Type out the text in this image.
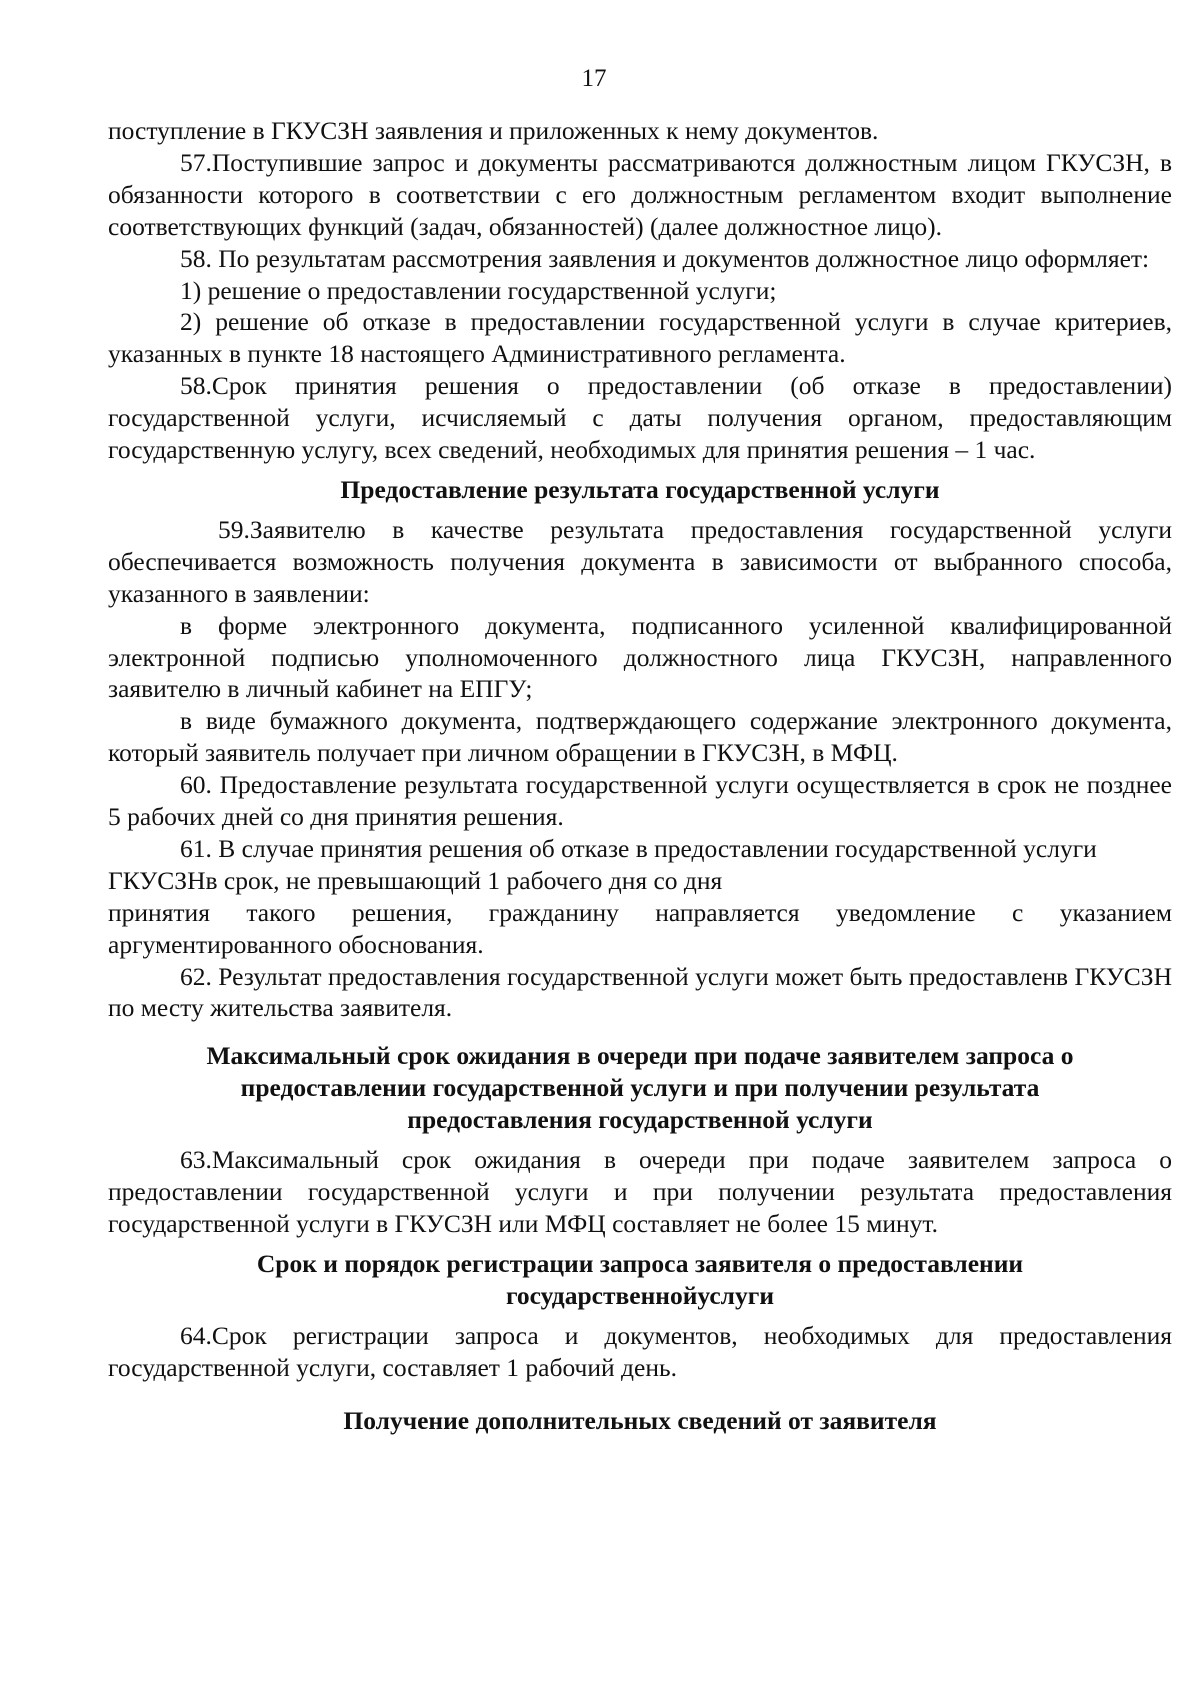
17

поступление в ГКУСЗН заявления и приложенных к нему документов.

57.Поступившие запрос и документы рассматриваются должностным лицом ГКУСЗН, в обязанности которого в соответствии с его должностным регламентом входит выполнение соответствующих функций (задач, обязанностей) (далее должностное лицо).

58. По результатам рассмотрения заявления и документов должностное лицо оформляет:

1) решение о предоставлении государственной услуги;

2) решение об отказе в предоставлении государственной услуги в случае критериев, указанных в пункте 18 настоящего Административного регламента.

58.Срок принятия решения о предоставлении (об отказе в предоставлении) государственной услуги, исчисляемый с даты получения органом, предоставляющим государственную услугу, всех сведений, необходимых для принятия решения – 1 час.

Предоставление результата государственной услуги

59.Заявителю в качестве результата предоставления государственной услуги обеспечивается возможность получения документа в зависимости от выбранного способа, указанного в заявлении:

в форме электронного документа, подписанного усиленной квалифицированной электронной подписью уполномоченного должностного лица ГКУСЗН, направленного заявителю в личный кабинет на ЕПГУ;

в виде бумажного документа, подтверждающего содержание электронного документа, который заявитель получает при личном обращении в ГКУСЗН, в МФЦ.

60. Предоставление результата государственной услуги осуществляется в срок не позднее 5 рабочих дней со дня принятия решения.

61. В случае принятия решения об отказе в предоставлении государственной услуги ГКУСЗНв срок, не превышающий 1 рабочего дня со дня

принятия такого решения, гражданину направляется уведомление с указанием аргументированного обоснования.

62. Результат предоставления государственной услуги может быть предоставленв ГКУСЗН по месту жительства заявителя.

Максимальный срок ожидания в очереди при подаче заявителем запроса о

предоставлении государственной услуги и при получении результата

предоставления государственной услуги

63.Максимальный срок ожидания в очереди при подаче заявителем запроса о предоставлении государственной услуги и при получении результата предоставления государственной услуги в ГКУСЗН или МФЦ составляет не более 15 минут.

Срок и порядок регистрации запроса заявителя о предоставлении

государственнойуслуги

64.Срок регистрации запроса и документов, необходимых для предоставления государственной услуги, составляет 1 рабочий день.

Получение дополнительных сведений от заявителя
